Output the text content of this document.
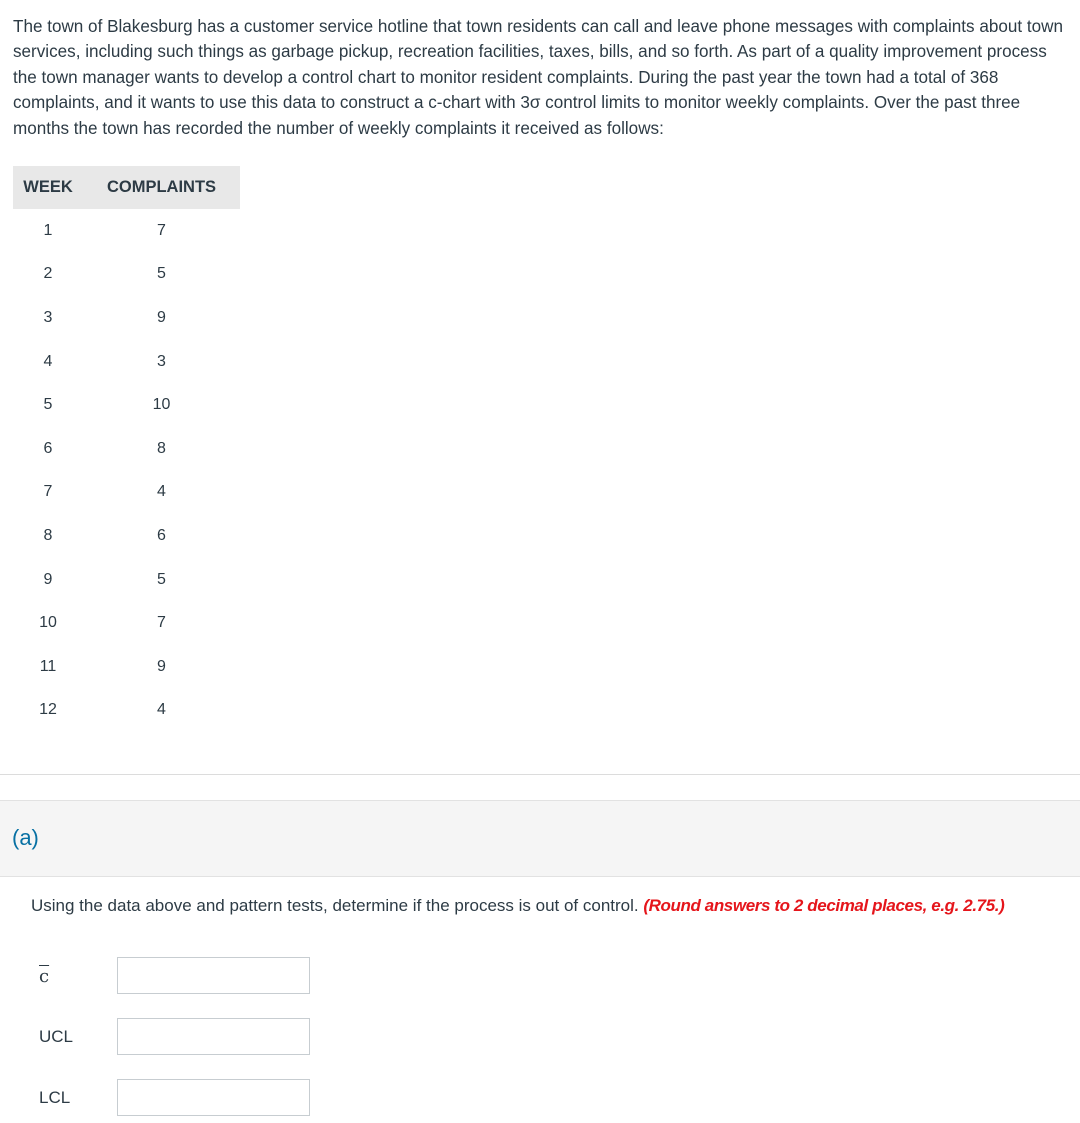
The town of Blakesburg has a customer service hotline that town residents can call and leave phone messages with complaints about town services, including such things as garbage pickup, recreation facilities, taxes, bills, and so forth. As part of a quality improvement process the town manager wants to develop a control chart to monitor resident complaints. During the past year the town had a total of 368 complaints, and it wants to use this data to construct a c-chart with 3σ control limits to monitor weekly complaints. Over the past three months the town has recorded the number of weekly complaints it received as follows:

WEEK	COMPLAINTS
1	7
2	5
3	9
4	3
5	10
6	8
7	4
8	6
9	5
10	7
11	9
12	4
(a)
Using the data above and pattern tests, determine if the process is out of control. (Round answers to 2 decimal places, e.g. 2.75.)
$\overline{c}$
UCL
LCL
